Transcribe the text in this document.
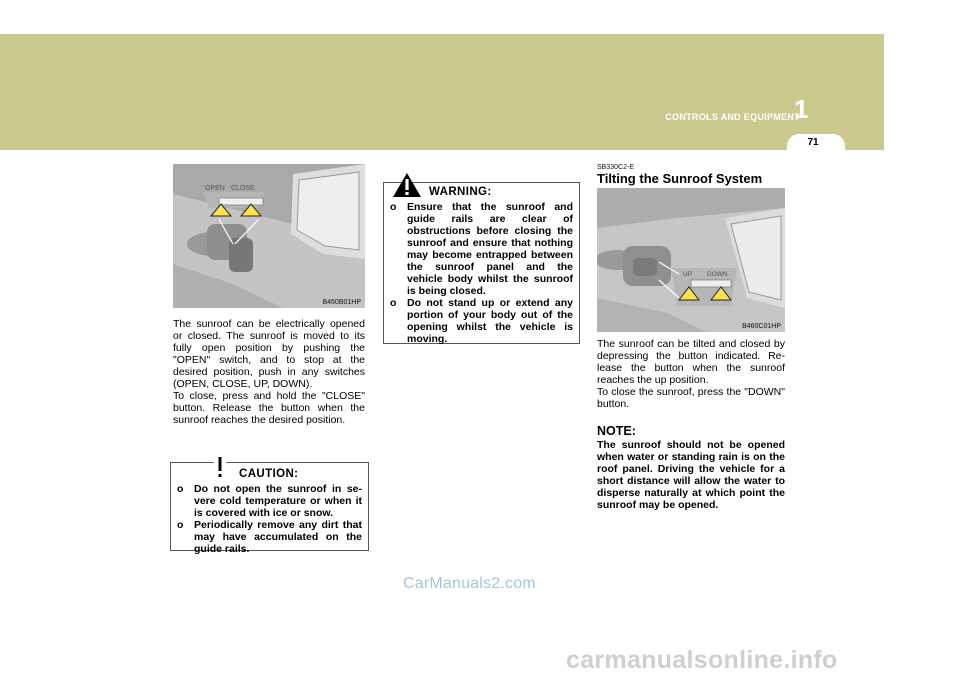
CONTROLS AND EQUIPMENT
1
71
OPEN CLOSE
B460B01HP

The sunroof can be electrically opened or closed. The sunroof is moved to its fully open position by pushing the "OPEN" switch, and to stop at the desired position, push in any switches (OPEN, CLOSE, UP, DOWN).

To close, press and hold the "CLOSE" button. Release the button when the sunroof reaches the desired position.

CAUTION:
o Do not open the sunroof in se- vere cold temperature or when it is covered with ice or snow.
o Periodically remove any dirt that may have accumulated on the guide rails.
WARNING:
o Ensure that the sunroof and guide rails are clear of obstructions before closing the sunroof and ensure that nothing may become entrapped between the sunroof panel and the vehicle body whilst the sunroof is being closed.
o Do not stand up or extend any portion of your body out of the opening whilst the vehicle is moving.
SB330C2-E
Tilting the Sunroof System
UP DOWN
B460C01HP

The sunroof can be tilted and closed by depressing the button indicated. Re- lease the button when the sunroof reaches the up position.

To close the sunroof, press the "DOWN" button.

NOTE:
The sunroof should not be opened when water or standing rain is on the roof panel. Driving the vehicle for a short distance will allow the water to disperse naturally at which point the sunroof may be opened.
CarManuals2.com
carmanualsonline.info
